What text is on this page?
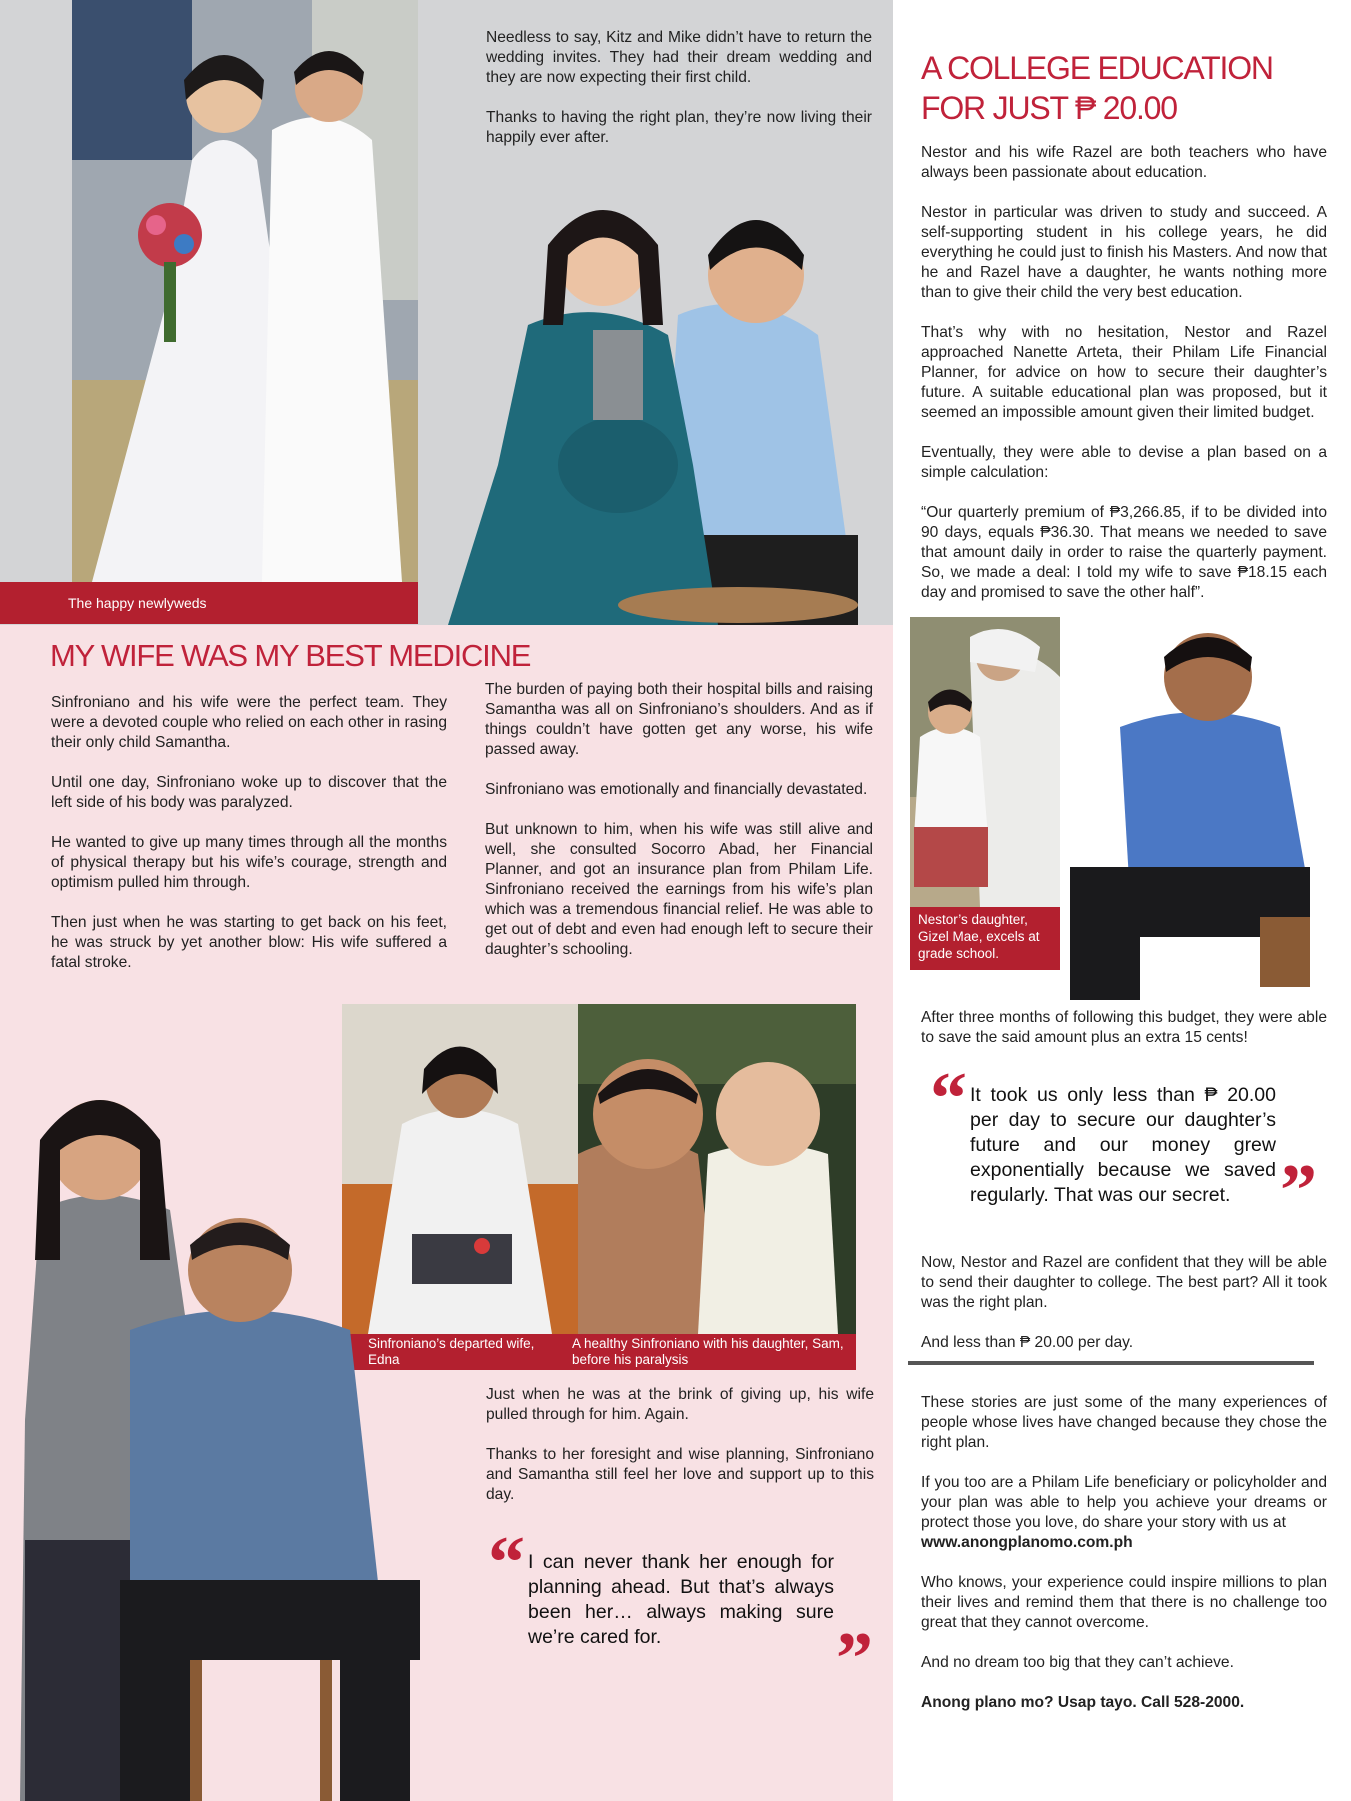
The happy newlyweds

Needless to say, Kitz and Mike didn’t have to return the wedding invites. They had their dream wedding and they are now expecting their first child.

Thanks to having the right plan, they’re now living their happily ever after.

MY WIFE WAS MY BEST MEDICINE

Sinfroniano and his wife were the perfect team. They were a devoted couple who relied on each other in rasing their only child Samantha.

Until one day, Sinfroniano woke up to discover that the left side of his body was paralyzed.

He wanted to give up many times through all the months of physical therapy but his wife’s courage, strength and optimism pulled him through.

Then just when he was starting to get back on his feet, he was struck by yet another blow: His wife suffered a fatal stroke.

The burden of paying both their hospital bills and raising Samantha was all on Sinfroniano’s shoulders. And as if things couldn’t have gotten get any worse, his wife passed away.

Sinfroniano was emotionally and financially devastated.

But unknown to him, when his wife was still alive and well, she consulted Socorro Abad, her Financial Planner, and got an insurance plan from Philam Life. Sinfroniano received the earnings from his wife’s plan which was a tremendous financial relief. He was able to get out of debt and even had enough left to secure their daughter’s schooling.

Sinfroniano’s departed wife, Edna
A healthy Sinfroniano with his daughter, Sam, before his paralysis

Just when he was at the brink of giving up, his wife pulled through for him. Again.

Thanks to her foresight and wise planning, Sinfroniano and Samantha still feel her love and support up to this day.

“ I can never thank her enough for planning ahead. But that’s always been her… always making sure we’re cared for.	”
A COLLEGE EDUCATION
FOR JUST ₱ 20.00

Nestor and his wife Razel are both teachers who have always been passionate about education.

Nestor in particular was driven to study and succeed. A self-supporting student in his college years, he did everything he could just to finish his Masters. And now that he and Razel have a daughter, he wants nothing more than to give their child the very best education.

That’s why with no hesitation, Nestor and Razel approached Nanette Arteta, their Philam Life Financial Planner, for advice on how to secure their daughter’s future. A suitable educational plan was proposed, but it seemed an impossible amount given their limited budget.

Eventually, they were able to devise a plan based on a simple calculation:

“Our quarterly premium of ₱3,266.85, if to be divided into 90 days, equals ₱36.30. That means we needed to save that amount daily in order to raise the quarterly payment. So, we made a deal: I told my wife to save ₱18.15 each day and promised to save the other half”.

Nestor’s daughter, Gizel Mae, excels at grade school.

After three months of following this budget, they were able to save the said amount plus an extra 15 cents!

“ It took us only less than ₱ 20.00 per day to secure our daughter’s future and our money grew exponentially because we saved regularly. That was our secret. ”

Now, Nestor and Razel are confident that they will be able to send their daughter to college. The best part? All it took was the right plan.

And less than ₱ 20.00 per day.

These stories are just some of the many experiences of people whose lives have changed because they chose the right plan.

If you too are a Philam Life beneficiary or policyholder and your plan was able to help you achieve your dreams or protect those you love, do share your story with us at

www.anongplanomo.com.ph

Who knows, your experience could inspire millions to plan their lives and remind them that there is no challenge too great that they cannot overcome.

And no dream too big that they can’t achieve.

Anong plano mo? Usap tayo. Call 528-2000.
